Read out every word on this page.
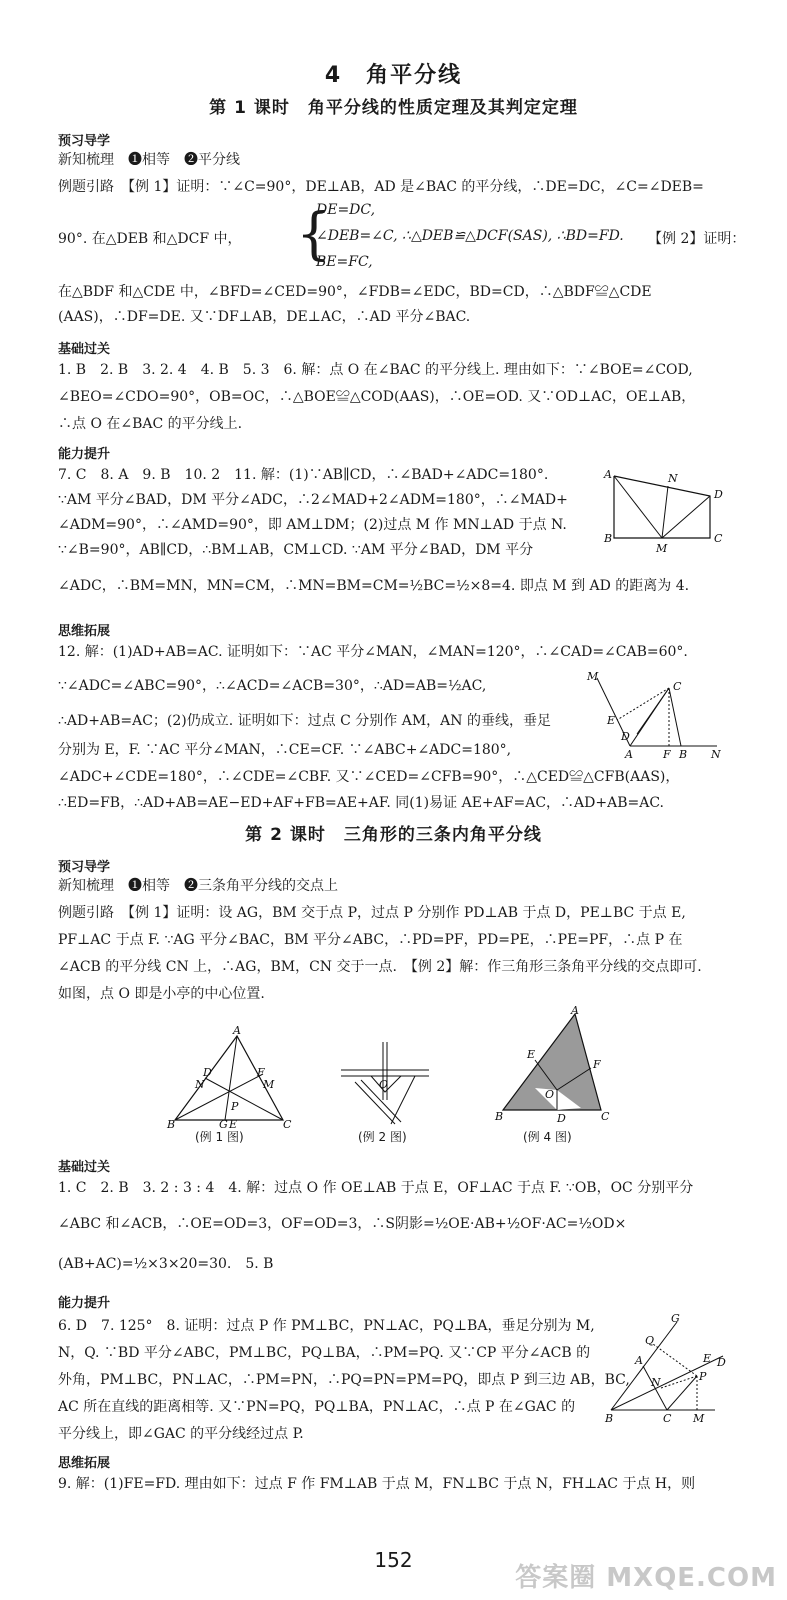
4　角平分线
第 1 课时　角平分线的性质定理及其判定定理
预习导学
新知梳理　❶相等　❷平分线
例题引路　【例 1】证明：∵∠C=90°，DE⊥AB，AD 是∠BAC 的平分线，∴DE=DC，∠C=∠DEB=
90°. 在△DEB 和△DCF 中， {
DE=DC,
∠DEB=∠C, ∴△DEB≌△DCF(SAS), ∴BD=FD.
BE=FC,
【例 2】证明：
在△BDF 和△CDE 中，∠BFD=∠CED=90°，∠FDB=∠EDC，BD=CD，∴△BDF≌△CDE
(AAS)，∴DF=DE. 又∵DF⊥AB，DE⊥AC，∴AD 平分∠BAC.
基础过关
1. B　2. B　3. 2. 4　4. B　5. 3　6. 解：点 O 在∠BAC 的平分线上. 理由如下：∵∠BOE=∠COD,
∠BEO=∠CDO=90°，OB=OC，∴△BOE≌△COD(AAS)，∴OE=OD. 又∵OD⊥AC，OE⊥AB，
∴点 O 在∠BAC 的平分线上.
能力提升
7. C　8. A　9. B　10. 2　11. 解：(1)∵AB∥CD，∴∠BAD+∠ADC=180°.
∵AM 平分∠BAD，DM 平分∠ADC，∴2∠MAD+2∠ADM=180°，∴∠MAD+
∠ADM=90°，∴∠AMD=90°，即 AM⊥DM；(2)过点 M 作 MN⊥AD 于点 N.
∵∠B=90°，AB∥CD，∴BM⊥AB，CM⊥CD. ∵AM 平分∠BAD，DM 平分
∠ADC，∴BM=MN，MN=CM，∴MN=BM=CM=½BC=½×8=4. 即点 M 到 AD 的距离为 4.
A	N
D
B
M
C
思维拓展
12. 解：(1)AD+AB=AC. 证明如下：∵AC 平分∠MAN，∠MAN=120°，∴∠CAD=∠CAB=60°.
∵∠ADC=∠ABC=90°，∴∠ACD=∠ACB=30°，∴AD=AB=½AC,
∴AD+AB=AC；(2)仍成立. 证明如下：过点 C 分别作 AM，AN 的垂线，垂足
分别为 E，F. ∵AC 平分∠MAN，∴CE=CF. ∵∠ABC+∠ADC=180°,
∠ADC+∠CDE=180°，∴∠CDE=∠CBF. 又∵∠CED=∠CFB=90°，∴△CED≌△CFB(AAS)，
∴ED=FB，∴AD+AB=AE−ED+AF+FB=AE+AF. 同(1)易证 AE+AF=AC，∴AD+AB=AC.
M
C
E
D
A	F B N
第 2 课时　三角形的三条内角平分线
预习导学
新知梳理　❶相等　❷三条角平分线的交点上
例题引路　【例 1】证明：设 AG，BM 交于点 P，过点 P 分别作 PD⊥AB 于点 D，PE⊥BC 于点 E,
PF⊥AC 于点 F. ∵AG 平分∠BAC，BM 平分∠ABC，∴PD=PF，PD=PE，∴PE=PF，∴点 P 在
∠ACB 的平分线 CN 上，∴AG，BM，CN 交于一点.　【例 2】解：作三角形三条角平分线的交点即可.
如图，点 O 即是小亭的中心位置.
A
D
N
F
M
P
B	G E	C
(例 1 图)
O
(例 2 图)
A
E
F
O
D
B	C
(例 4 图)
基础过关
1. C　2. B　3. 2 : 3 : 4　4. 解：过点 O 作 OE⊥AB 于点 E，OF⊥AC 于点 F. ∵OB，OC 分别平分
∠ABC 和∠ACB，∴OE=OD=3，OF=OD=3，∴S阴影=½OE·AB+½OF·AC=½OD×
(AB+AC)=½×3×20=30.　5. B
能力提升
6. D　7. 125°　8. 证明：过点 P 作 PM⊥BC，PN⊥AC，PQ⊥BA，垂足分别为 M,
N，Q. ∵BD 平分∠ABC，PM⊥BC，PQ⊥BA，∴PM=PQ. 又∵CP 平分∠ACB 的
外角，PM⊥BC，PN⊥AC，∴PM=PN，∴PQ=PN=PM=PQ，即点 P 到三边 AB，BC,
AC 所在直线的距离相等. 又∵PN=PQ，PQ⊥BA，PN⊥AC，∴点 P 在∠GAC 的
平分线上，即∠GAC 的平分线经过点 P.
G
Q
A	E D
N	P
B	C M
思维拓展
9. 解：(1)FE=FD. 理由如下：过点 F 作 FM⊥AB 于点 M，FN⊥BC 于点 N，FH⊥AC 于点 H，则
152
答案圈 MXQE.COM
